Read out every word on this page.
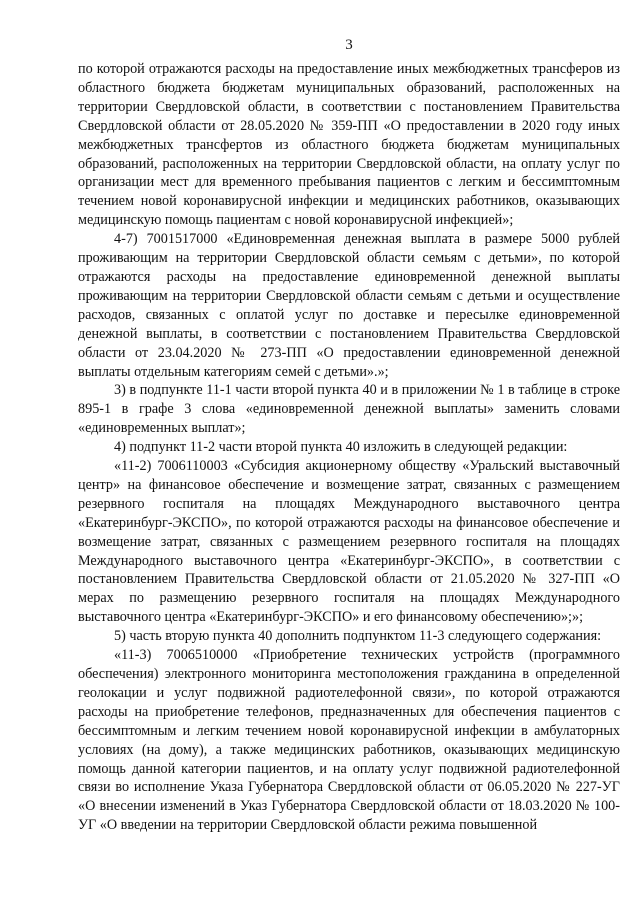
3

по которой отражаются расходы на предоставление иных межбюджетных трансферов из областного бюджета бюджетам муниципальных образований, расположенных на территории Свердловской области, в соответствии с постановлением Правительства Свердловской области от 28.05.2020 № 359-ПП «О предоставлении в 2020 году иных межбюджетных трансфертов из областного бюджета бюджетам муниципальных образований, расположенных на территории Свердловской области, на оплату услуг по организации мест для временного пребывания пациентов с легким и бессимптомным течением новой коронавирусной инфекции и медицинских работников, оказывающих медицинскую помощь пациентам с новой коронавирусной инфекцией»;

4-7) 7001517000 «Единовременная денежная выплата в размере 5000 рублей проживающим на территории Свердловской области семьям с детьми», по которой отражаются расходы на предоставление единовременной денежной выплаты проживающим на территории Свердловской области семьям с детьми и осуществление расходов, связанных с оплатой услуг по доставке и пересылке единовременной денежной выплаты, в соответствии с постановлением Правительства Свердловской области от 23.04.2020 № 273-ПП «О предоставлении единовременной денежной выплаты отдельным категориям семей с детьми».»;

3) в подпункте 11-1 части второй пункта 40 и в приложении № 1 в таблице в строке 895-1 в графе 3 слова «единовременной денежной выплаты» заменить словами «единовременных выплат»;

4) подпункт 11-2 части второй пункта 40 изложить в следующей редакции:

«11-2) 7006110003 «Субсидия акционерному обществу «Уральский выставочный центр» на финансовое обеспечение и возмещение затрат, связанных с размещением резервного госпиталя на площадях Международного выставочного центра «Екатеринбург-ЭКСПО», по которой отражаются расходы на финансовое обеспечение и возмещение затрат, связанных с размещением резервного госпиталя на площадях Международного выставочного центра «Екатеринбург-ЭКСПО», в соответствии с постановлением Правительства Свердловской области от 21.05.2020 № 327-ПП «О мерах по размещению резервного госпиталя на площадях Международного выставочного центра «Екатеринбург-ЭКСПО» и его финансовому обеспечению»;»;

5) часть вторую пункта 40 дополнить подпунктом 11-3 следующего содержания:

«11-3) 7006510000 «Приобретение технических устройств (программного обеспечения) электронного мониторинга местоположения гражданина в определенной геолокации и услуг подвижной радиотелефонной связи», по которой отражаются расходы на приобретение телефонов, предназначенных для обеспечения пациентов с бессимптомным и легким течением новой коронавирусной инфекции в амбулаторных условиях (на дому), а также медицинских работников, оказывающих медицинскую помощь данной категории пациентов, и на оплату услуг подвижной радиотелефонной связи во исполнение Указа Губернатора Свердловской области от 06.05.2020 № 227-УГ «О внесении изменений в Указ Губернатора Свердловской области от 18.03.2020 № 100-УГ «О введении на территории Свердловской области режима повышенной
